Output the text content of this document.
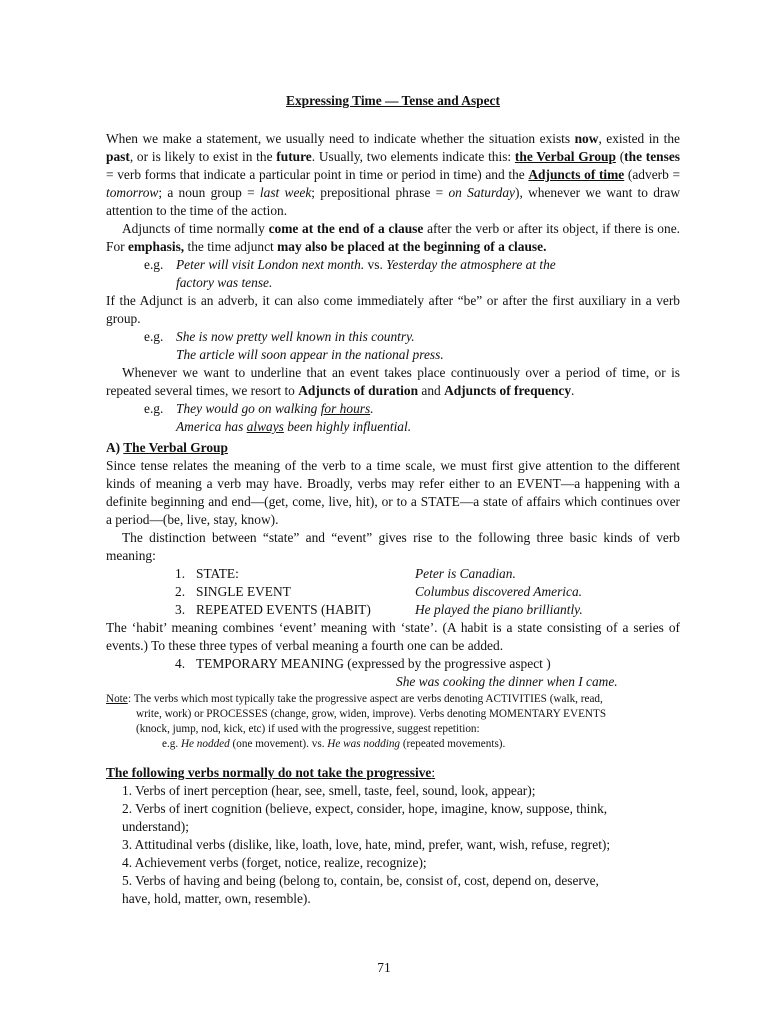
Expressing Time — Tense and Aspect

When we make a statement, we usually need to indicate whether the situation exists now, existed in the past, or is likely to exist in the future. Usually, two elements indicate this: the Verbal Group (the tenses = verb forms that indicate a particular point in time or period in time) and the Adjuncts of time (adverb = tomorrow; a noun group = last week; prepositional phrase = on Saturday), whenever we want to draw attention to the time of the action.

Adjuncts of time normally come at the end of a clause after the verb or after its object, if there is one. For emphasis, the time adjunct may also be placed at the beginning of a clause.

e.g. Peter will visit London next month. vs. Yesterday the atmosphere at the
factory was tense.

If the Adjunct is an adverb, it can also come immediately after “be” or after the first auxiliary in a verb group.

e.g. She is now pretty well known in this country.
The article will soon appear in the national press.

Whenever we want to underline that an event takes place continuously over a period of time, or is repeated several times, we resort to Adjuncts of duration and Adjuncts of frequency.

e.g. They would go on walking for hours.
America has always been highly influential.
A) The Verbal Group

Since tense relates the meaning of the verb to a time scale, we must first give attention to the different kinds of meaning a verb may have. Broadly, verbs may refer either to an EVENT—a happening with a definite beginning and end—(get, come, live, hit), or to a STATE—a state of affairs which continues over a period—(be, live, stay, know).

The distinction between “state” and “event” gives rise to the following three basic kinds of verb meaning:

1. STATE:	Peter is Canadian.
2. SINGLE EVENT	Columbus discovered America.
3. REPEATED EVENTS (HABIT)	He played the piano brilliantly.

The ‘habit’ meaning combines ‘event’ meaning with ‘state’. (A habit is a state consisting of a series of events.) To these three types of verbal meaning a fourth one can be added.

4. TEMPORARY MEANING (expressed by the progressive aspect )
She was cooking the dinner when I came.
Note : The verbs which most typically take the progressive aspect are verbs denoting ACTIVITIES (walk, read,
write, work) or PROCESSES (change, grow, widen, improve). Verbs denoting MOMENTARY EVENTS
(knock, jump, nod, kick, etc) if used with the progressive, suggest repetition:
e.g. He nodded (one movement). vs. He was nodding (repeated movements).
The following verbs normally do not take the progressive:
1. Verbs of inert perception (hear, see, smell, taste, feel, sound, look, appear);
2. Verbs of inert cognition (believe, expect, consider, hope, imagine, know, suppose, think,
understand);
3. Attitudinal verbs (dislike, like, loath, love, hate, mind, prefer, want, wish, refuse, regret);
4. Achievement verbs (forget, notice, realize, recognize);
5. Verbs of having and being (belong to, contain, be, consist of, cost, depend on, deserve,
have, hold, matter, own, resemble).
71
